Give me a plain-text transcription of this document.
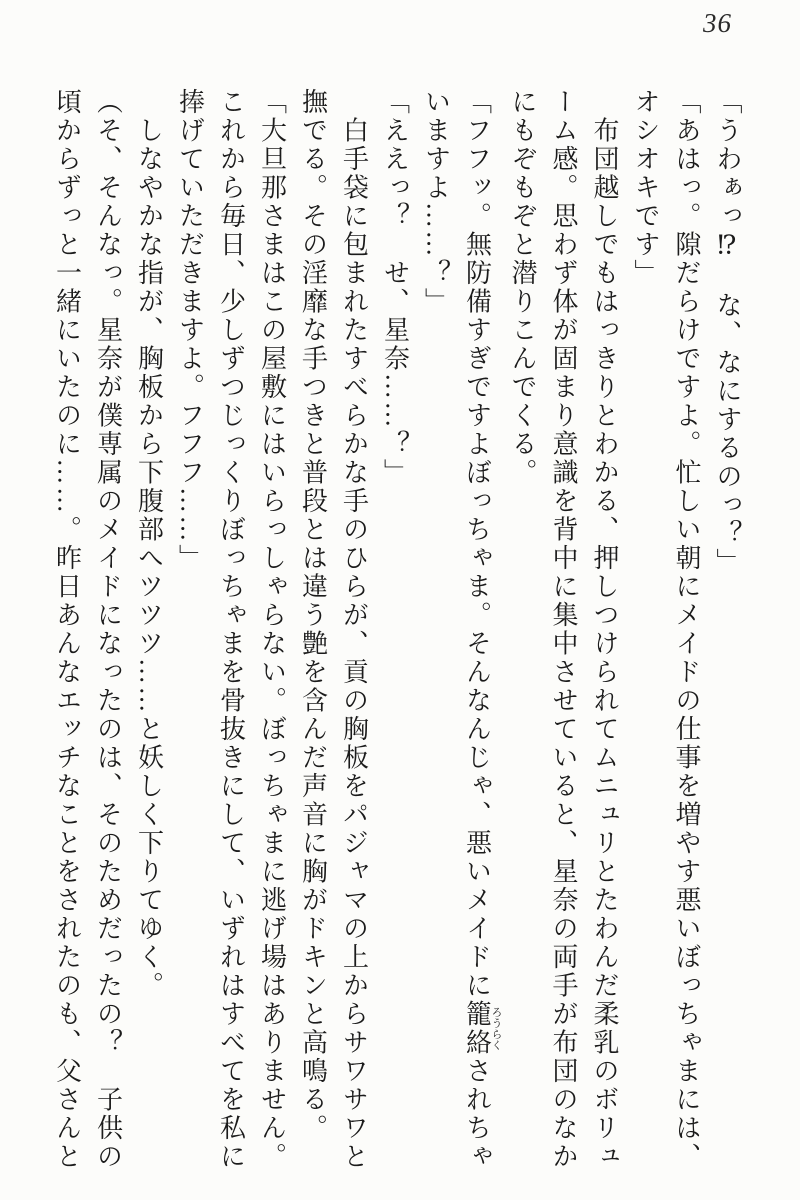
36

「うわぁっ⁉　な、なにするのっ？」

「あはっ。隙だらけですよ。忙しい朝にメイドの仕事を増やす悪いぼっちゃまには、

オシオキです」

　布団越しでもはっきりとわかる、押しつけられてムニュリとたわんだ柔乳のボリュ

ーム感。思わず体が固まり意識を背中に集中させていると、星奈の両手が布団のなか

にもぞもぞと潜りこんでくる。

「フフッ。無防備すぎですよぼっちゃま。そんなんじゃ、悪いメイドに籠絡ろうらくされちゃ

いますよ……？」

「ええっ？　せ、星奈……？」

　白手袋に包まれたすべらかな手のひらが、貢の胸板をパジャマの上からサワサワと

撫でる。その淫靡な手つきと普段とは違う艶を含んだ声音に胸がドキンと高鳴る。

「大旦那さまはこの屋敷にはいらっしゃらない。ぼっちゃまに逃げ場はありません。

これから毎日、少しずつじっくりぼっちゃまを骨抜きにして、いずれはすべてを私に

捧げていただきますよ。フフフ……」

　しなやかな指が、胸板から下腹部へツツツ……と妖しく下りてゆく。

（そ、そんなっ。星奈が僕専属のメイドになったのは、そのためだったの？　子供の

頃からずっと一緒にいたのに……。昨日あんなエッチなことをされたのも、父さんと
